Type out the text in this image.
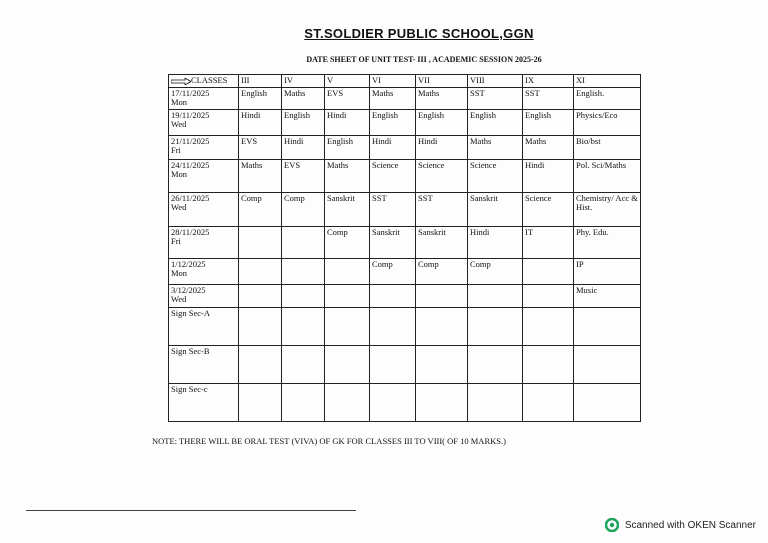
ST.SOLDIER PUBLIC SCHOOL,GGN
DATE SHEET OF UNIT TEST- III , ACADEMIC SESSION 2025-26
CLASSES	III	IV	V	VI	VII	VIII	IX	XI

17/11/2025
Mon	English	Maths	EVS	Maths	Maths	SST	SST	English.

19/11/2025
Wed	Hindi	English	Hindi	English	English	English	English	Physics/Eco

21/11/2025
Fri	EVS	Hindi	English	Hindi	Hindi	Maths	Maths	Bio/bst

24/11/2025
Mon	Maths	EVS	Maths	Science	Science	Science	Hindi	Pol. Sci/Maths

26/11/2025
Wed	Comp	Comp	Sanskrit	SST	SST	Sanskrit	Science	Chemistry/ Acc & Hist.

28/11/2025
Fri			Comp	Sanskrit	Sanskrit	Hindi	IT	Phy. Edu.

1/12/2025
Mon				Comp	Comp	Comp		IP

3/12/2025
Wed								Music
Sign Sec-A								
Sign Sec-B								
Sign Sec-c								
NOTE: THERE WILL BE ORAL TEST (VIVA) OF GK FOR CLASSES III TO VIII( OF 10 MARKS.)
Scanned with OKEN Scanner
